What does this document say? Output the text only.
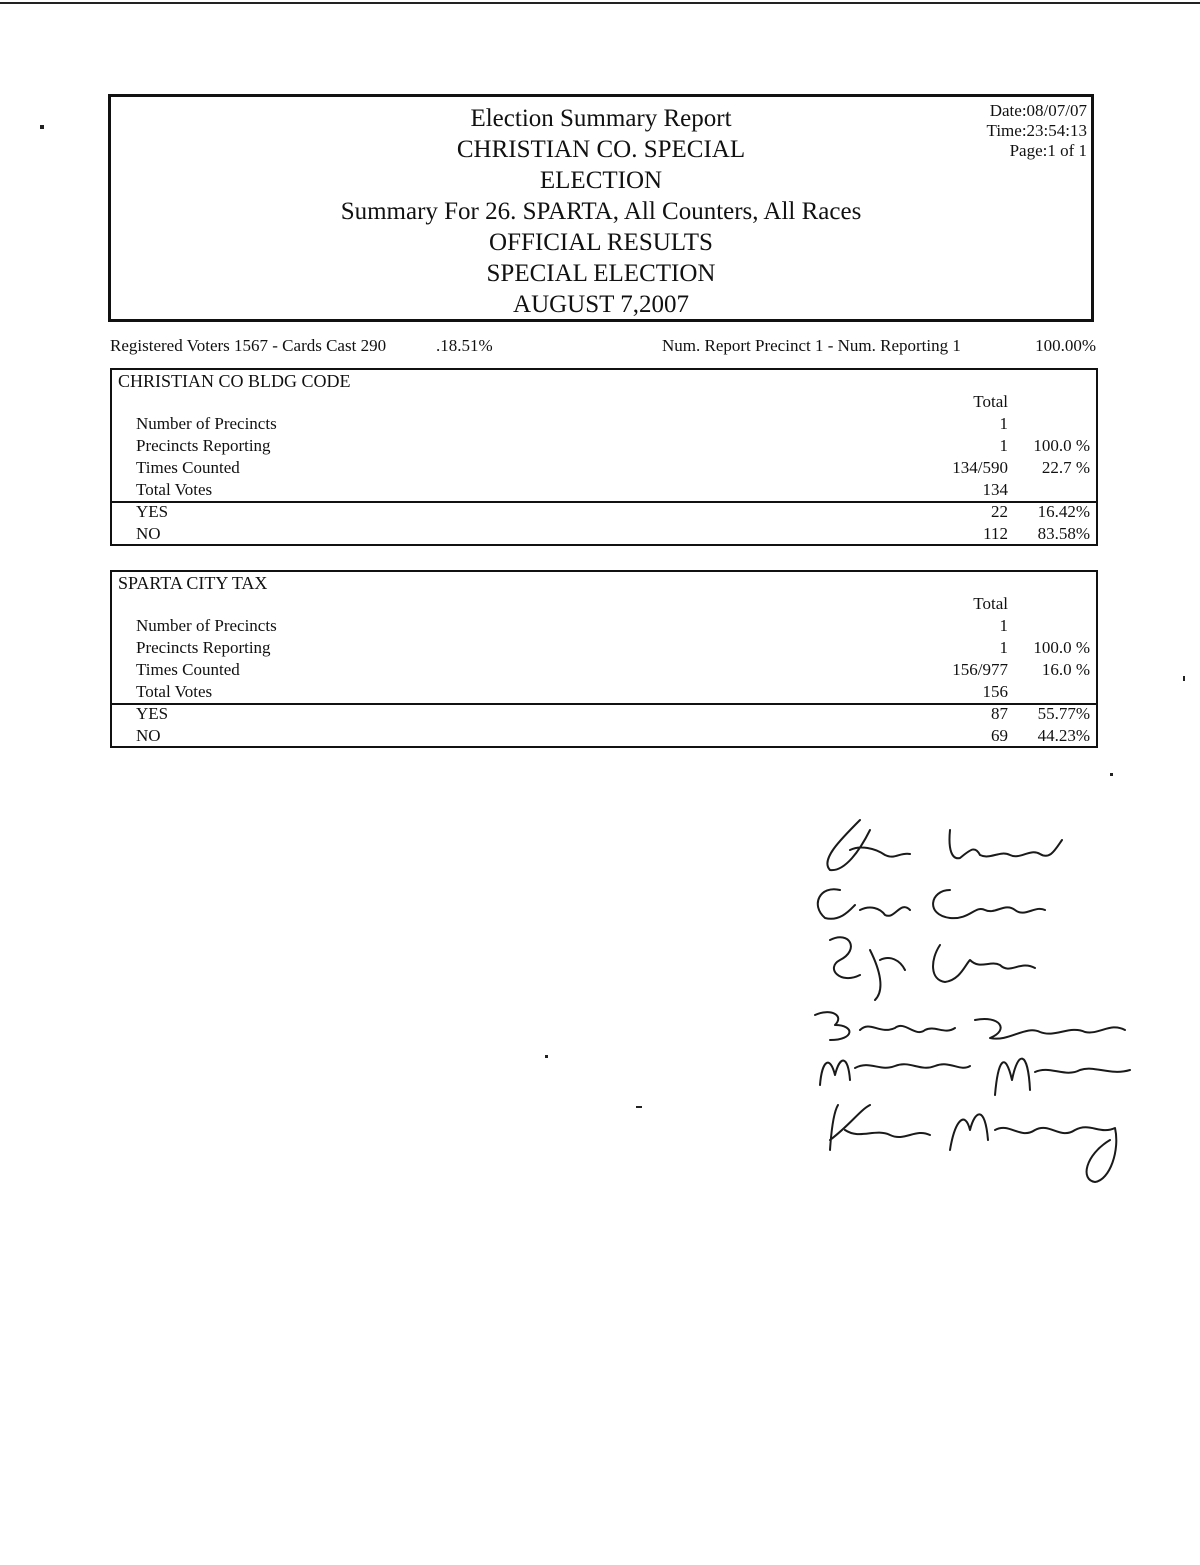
Election Summary Report
CHRISTIAN CO. SPECIAL
ELECTION
Summary For 26. SPARTA, All Counters, All Races
OFFICIAL RESULTS
SPECIAL ELECTION
AUGUST 7,2007
Date:08/07/07
Time:23:54:13
Page:1 of 1
Registered Voters 1567 - Cards Cast 290	.18.51%	Num. Report Precinct 1 - Num. Reporting 1	100.00%
CHRISTIAN CO BLDG CODE
Total
Number of Precincts	1
Precincts Reporting	1 100.0 %
Times Counted	134/590 22.7 %
Total Votes	134
YES	22 16.42%
NO	112 83.58%
SPARTA CITY TAX
Total
Number of Precincts	1
Precincts Reporting	1 100.0 %
Times Counted	156/977 16.0 %
Total Votes	156
YES	87 55.77%
NO	69 44.23%
